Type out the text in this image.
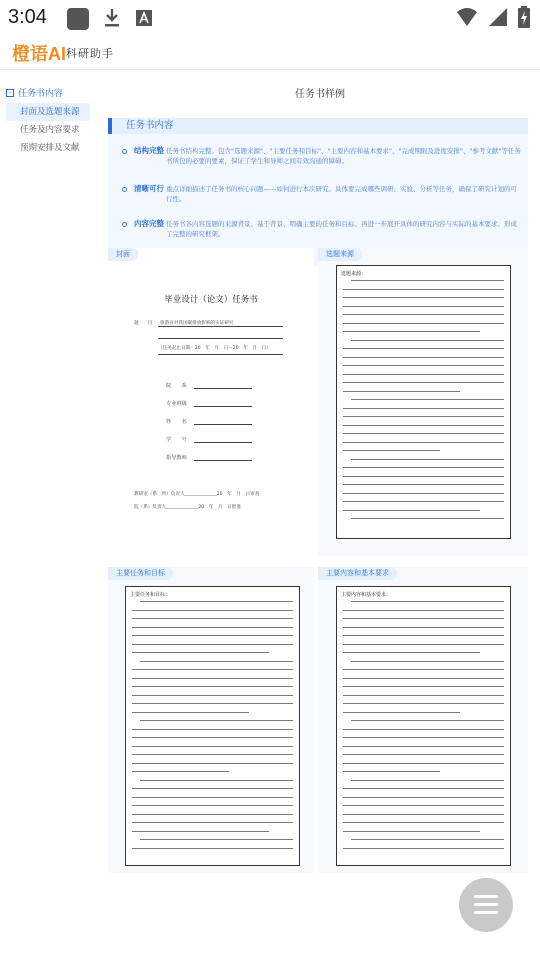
3:04
橙语AI 科研助手
– 任务书内容
封面及选题来源
任务及内容要求
预期安排及文献
任务书样例
任务书内容
结构完整 任务书结构完整。包含"选题来源"、"主要任务和目标"、"主要内容和基本要求"、"完成期限及进度安排"、"参考文献"等任务书所包的必要的要素，保证了学生和导师之间有效沟通的障碍。
清晰可行 重点详细描述了任务书的核心问题——如何进行本次研究。具体要完成哪些调研、实验、分析等任务，确保了研究计划的可行性。
内容完整 任务书各内容选题的来源背景、基于背景、明确主要的任务和目标、再进一步展开具体的研究内容与实际的基本要求。形成了完整的研究框架。
封面
毕业设计（论文）任务书
题　　目 旅游业对我国碳排放影响的实证研究
（任务起止日期：20　年　月　日～20　年　月　日）
院　　系
专业班级
姓　　名
学　　号
指导教师
教研室（系、所）负责人______________20　年　月　日审查
院（系）负责人______________20　年　月　日批准
选题来源
选题来源：
主要任务和目标
主要任务和目标：
主要内容和基本要求
主要内容和基本要求：
